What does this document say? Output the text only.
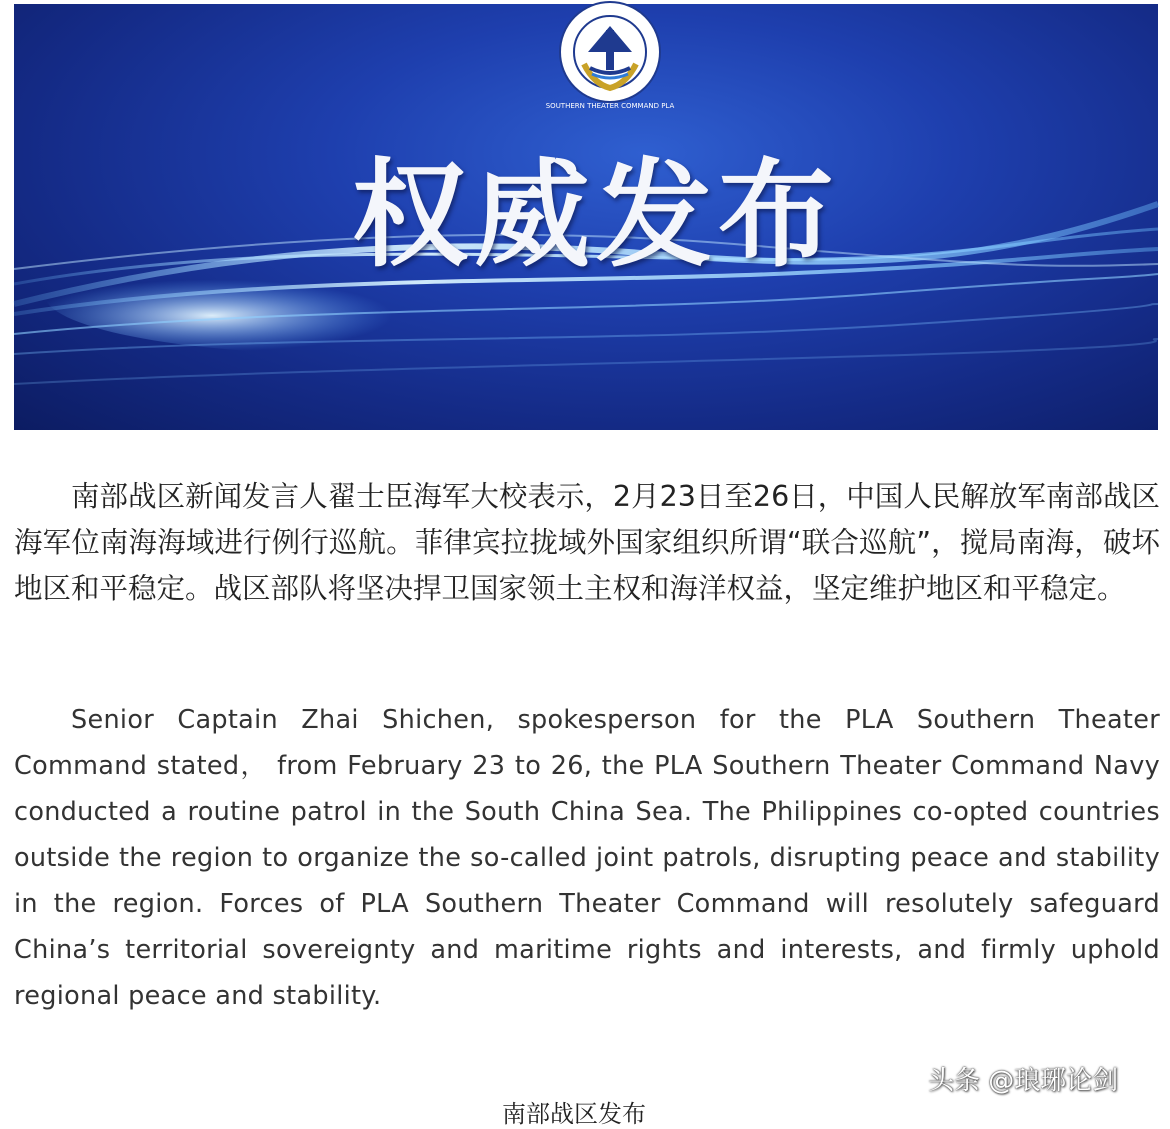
SOUTHERN THEATER COMMAND PLA
权威发布
南部战区新闻发言人翟士臣海军大校表示，2月23日至26日，中国人民解放军南部战区海军位南海海域进行例行巡航。菲律宾拉拢域外国家组织所谓“联合巡航”，搅局南海，破坏地区和平稳定。战区部队将坚决捍卫国家领土主权和海洋权益，坚定维护地区和平稳定。
Senior Captain Zhai Shichen, spokesperson for the PLA Southern Theater Command stated， from February 23 to 26, the PLA Southern Theater Command Navy conducted a routine patrol in the South China Sea. The Philippines co-opted countries outside the region to organize the so-called joint patrols, disrupting peace and stability in the region. Forces of PLA Southern Theater Command will resolutely safeguard China’s territorial sovereignty and maritime rights and interests, and firmly uphold regional peace and stability.
头条 @琅琊论剑
南部战区发布
